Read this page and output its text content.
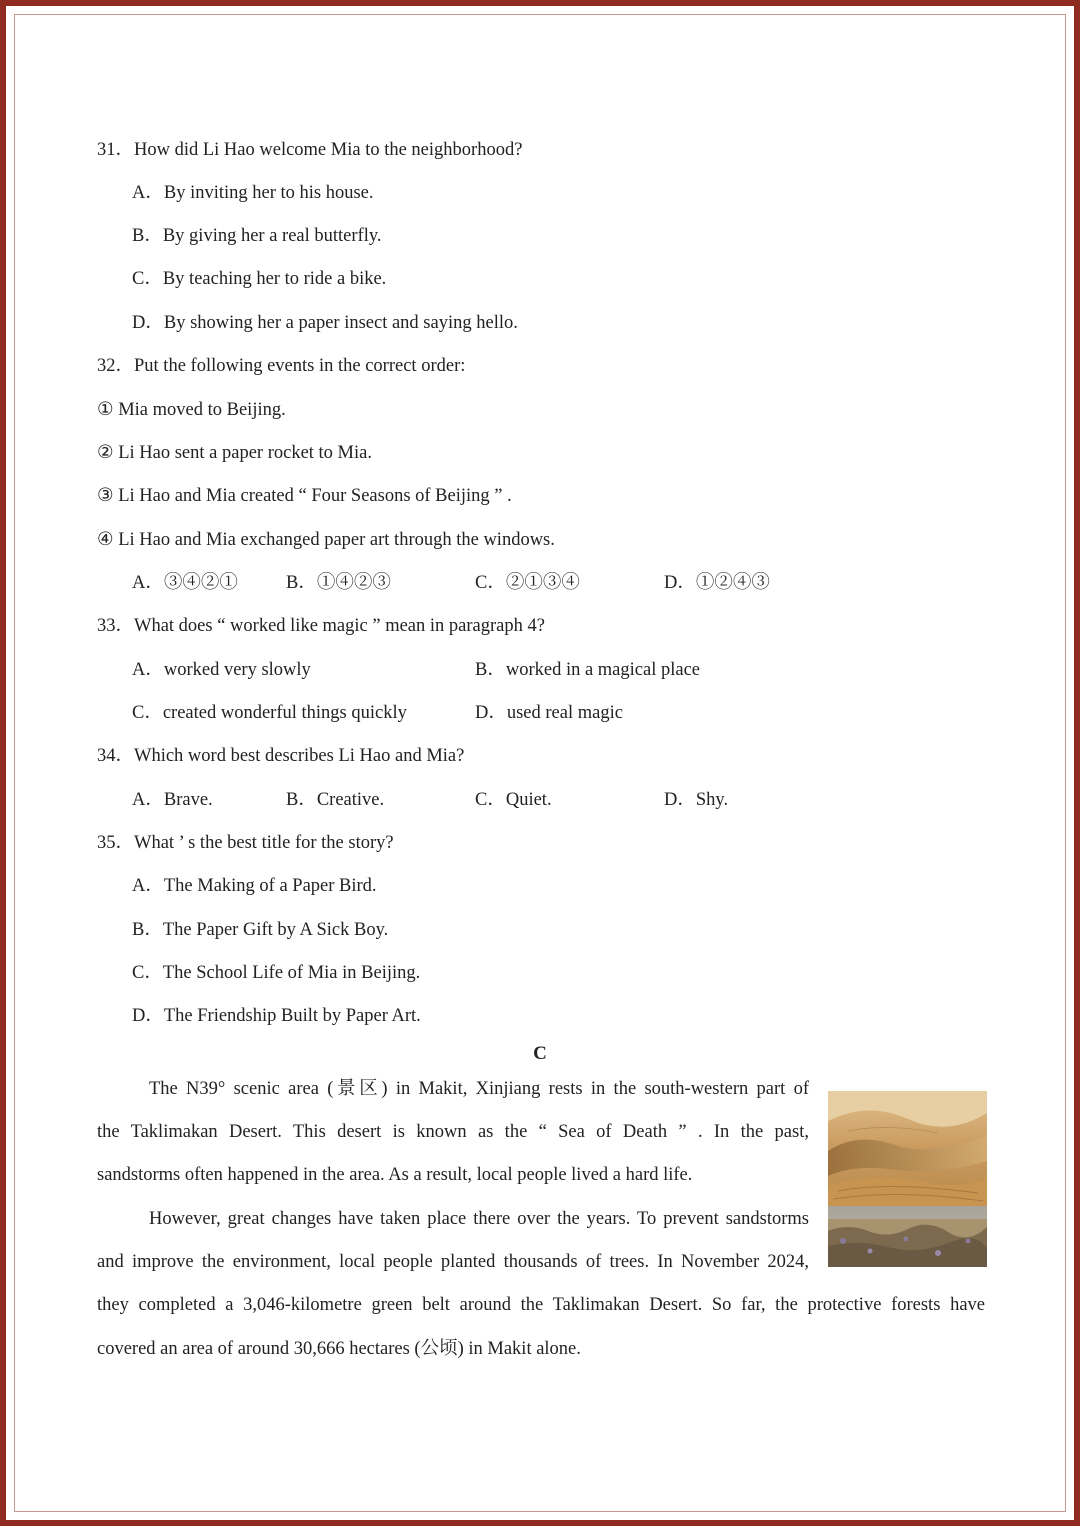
31．How did Li Hao welcome Mia to the neighborhood?
A．By inviting her to his house.
B．By giving her a real butterfly.
C．By teaching her to ride a bike.
D．By showing her a paper insect and saying hello.
32．Put the following events in the correct order:
① Mia moved to Beijing.
② Li Hao sent a paper rocket to Mia.
③ Li Hao and Mia created “ Four Seasons of Beijing ” .
④ Li Hao and Mia exchanged paper art through the windows.
A．③④②①	B．①④②③	C．②①③④	D．①②④③
33．What does “ worked like magic ” mean in paragraph 4?
A．worked very slowly	B．worked in a magical place
C．created wonderful things quickly	D．used real magic
34．Which word best describes Li Hao and Mia?
A．Brave.	B．Creative.	C．Quiet.	D．Shy.
35．What ’ s the best title for the story?
A．The Making of a Paper Bird.
B．The Paper Gift by A Sick Boy.
C．The School Life of Mia in Beijing.
D．The Friendship Built by Paper Art.
C
The N39° scenic area (景区) in Makit, Xinjiang rests in the south-western part of
the Taklimakan Desert. This desert is known as the “ Sea of Death ” . In the past,
sandstorms often happened in the area. As a result, local people lived a hard life.
However, great changes have taken place there over the years. To prevent sandstorms
and improve the environment, local people planted thousands of trees. In November 2024,
they completed a 3,046-kilometre green belt around the Taklimakan Desert. So far, the protective forests have
covered an area of around 30,666 hectares (公顷) in Makit alone.
